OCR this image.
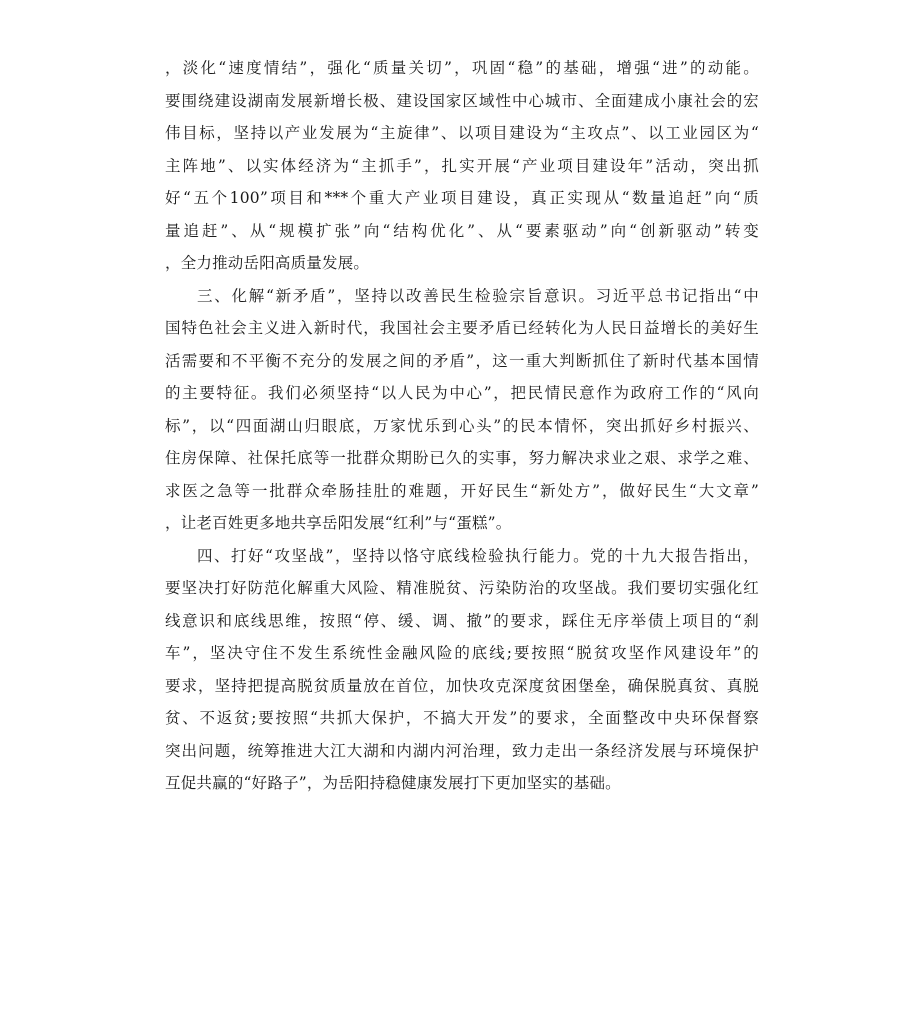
，淡化“速度情结”，强化“质量关切”，巩固“稳”的基础，增强“进”的动能。
要围绕建设湖南发展新增长极、建设国家区域性中心城市、全面建成小康社会的宏
伟目标，坚持以产业发展为“主旋律”、以项目建设为“主攻点”、以工业园区为“
主阵地”、以实体经济为“主抓手”，扎实开展“产业项目建设年”活动，突出抓
好“五个100”项目和***个重大产业项目建设，真正实现从“数量追赶”向“质
量追赶”、从“规模扩张”向“结构优化”、从“要素驱动”向“创新驱动”转变
，全力推动岳阳高质量发展。
三、化解“新矛盾”，坚持以改善民生检验宗旨意识。习近平总书记指出“中
国特色社会主义进入新时代，我国社会主要矛盾已经转化为人民日益增长的美好生
活需要和不平衡不充分的发展之间的矛盾”，这一重大判断抓住了新时代基本国情
的主要特征。我们必须坚持“以人民为中心”，把民情民意作为政府工作的“风向
标”，以“四面湖山归眼底，万家忧乐到心头”的民本情怀，突出抓好乡村振兴、
住房保障、社保托底等一批群众期盼已久的实事，努力解决求业之艰、求学之难、
求医之急等一批群众牵肠挂肚的难题，开好民生“新处方”，做好民生“大文章”
，让老百姓更多地共享岳阳发展“红利”与“蛋糕”。
四、打好“攻坚战”，坚持以恪守底线检验执行能力。党的十九大报告指出，
要坚决打好防范化解重大风险、精准脱贫、污染防治的攻坚战。我们要切实强化红
线意识和底线思维，按照“停、缓、调、撤”的要求，踩住无序举债上项目的“刹
车”，坚决守住不发生系统性金融风险的底线;要按照“脱贫攻坚作风建设年”的
要求，坚持把提高脱贫质量放在首位，加快攻克深度贫困堡垒，确保脱真贫、真脱
贫、不返贫;要按照“共抓大保护，不搞大开发”的要求，全面整改中央环保督察
突出问题，统筹推进大江大湖和内湖内河治理，致力走出一条经济发展与环境保护
互促共赢的“好路子”，为岳阳持稳健康发展打下更加坚实的基础。
